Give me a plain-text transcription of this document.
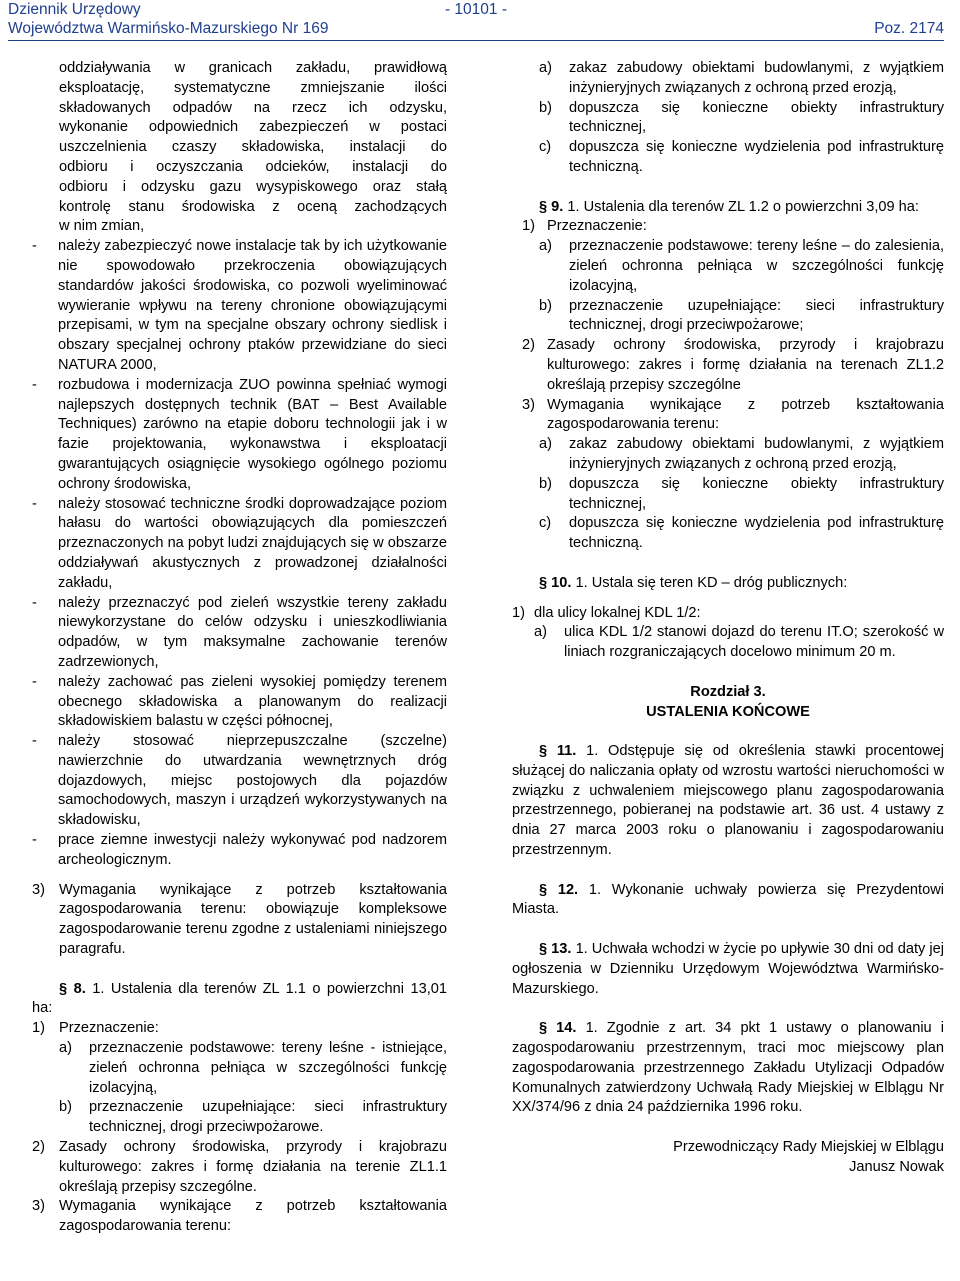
Dziennik Urzędowy	- 10101 -
Województwa Warmińsko-Mazurskiego Nr 169	Poz. 2174
oddziaływania w granicach zakładu, prawidłową
eksploatację, systematyczne zmniejszanie ilości
składowanych odpadów na rzecz ich odzysku,
wykonanie odpowiednich zabezpieczeń w postaci
uszczelnienia czaszy składowiska, instalacji do
odbioru i oczyszczania odcieków, instalacji do
odbioru i odzysku gazu wysypiskowego oraz stałą
kontrolę stanu środowiska z oceną zachodzących
w nim zmian,
-	należy zabezpieczyć nowe instalacje tak by ich użytkowanie nie spowodowało przekroczenia obowiązujących standardów jakości środowiska, co pozwoli wyeliminować wywieranie wpływu na tereny chronione obowiązującymi przepisami, w tym na specjalne obszary ochrony siedlisk i obszary specjalnej ochrony ptaków przewidziane do sieci NATURA 2000,
-	rozbudowa i modernizacja ZUO powinna spełniać wymogi najlepszych dostępnych technik (BAT – Best Available Techniques) zarówno na etapie doboru technologii jak i w fazie projektowania, wykonawstwa i eksploatacji gwarantujących osiągnięcie wysokiego ogólnego poziomu ochrony środowiska,
-	należy stosować techniczne środki doprowadzające poziom hałasu do wartości obowiązujących dla pomieszczeń przeznaczonych na pobyt ludzi znajdujących się w obszarze oddziaływań akustycznych z prowadzonej działalności zakładu,
-	należy przeznaczyć pod zieleń wszystkie tereny zakładu niewykorzystane do celów odzysku i unieszkodliwiania odpadów, w tym maksymalne zachowanie terenów zadrzewionych,
-	należy zachować pas zieleni wysokiej pomiędzy terenem obecnego składowiska a planowanym do realizacji składowiskiem balastu w części północnej,
-	należy stosować nieprzepuszczalne (szczelne) nawierzchnie do utwardzania wewnętrznych dróg dojazdowych, miejsc postojowych dla pojazdów samochodowych, maszyn i urządzeń wykorzystywanych na składowisku,
-	prace ziemne inwestycji należy wykonywać pod nadzorem archeologicznym.
3) Wymagania wynikające z potrzeb kształtowania zagospodarowania terenu: obowiązuje kompleksowe zagospodarowanie terenu zgodne z ustaleniami niniejszego paragrafu.
§ 8. 1. Ustalenia dla terenów ZL 1.1 o powierzchni 13,01 ha:
1) Przeznaczenie:
a)	przeznaczenie podstawowe: tereny leśne - istniejące, zieleń ochronna pełniąca w szczególności funkcję izolacyjną,
b)	przeznaczenie uzupełniające: sieci infrastruktury technicznej, drogi przeciwpożarowe.
2) Zasady ochrony środowiska, przyrody i krajobrazu kulturowego: zakres i formę działania na terenie ZL1.1 określają przepisy szczególne.
3) Wymagania wynikające z potrzeb kształtowania zagospodarowania terenu:
a)	zakaz zabudowy obiektami budowlanymi, z wyjątkiem inżynieryjnych związanych z ochroną przed erozją,
b)	dopuszcza się konieczne obiekty infrastruktury technicznej,
c)	dopuszcza się konieczne wydzielenia pod infrastrukturę techniczną.
§ 9. 1. Ustalenia dla terenów ZL 1.2 o powierzchni 3,09 ha:
1) Przeznaczenie:
a)	przeznaczenie podstawowe: tereny leśne – do zalesienia, zieleń ochronna pełniąca w szczególności funkcję izolacyjną,
b)	przeznaczenie uzupełniające: sieci infrastruktury technicznej, drogi przeciwpożarowe;
2) Zasady ochrony środowiska, przyrody i krajobrazu kulturowego: zakres i formę działania na terenach ZL1.2 określają przepisy szczególne
3) Wymagania wynikające z potrzeb kształtowania zagospodarowania terenu:
a)	zakaz zabudowy obiektami budowlanymi, z wyjątkiem inżynieryjnych związanych z ochroną przed erozją,
b)	dopuszcza się konieczne obiekty infrastruktury technicznej,
c)	dopuszcza się konieczne wydzielenia pod infrastrukturę techniczną.
§ 10. 1. Ustala się teren KD – dróg publicznych:
1) dla ulicy lokalnej KDL 1/2:
a)	ulica KDL 1/2 stanowi dojazd do terenu IT.O; szerokość w liniach rozgraniczających docelowo minimum 20 m.
Rozdział 3.
USTALENIA KOŃCOWE
§ 11. 1. Odstępuje się od określenia stawki procentowej służącej do naliczania opłaty od wzrostu wartości nieruchomości w związku z uchwaleniem miejscowego planu zagospodarowania przestrzennego, pobieranej na podstawie art. 36 ust. 4 ustawy z dnia 27 marca 2003 roku o planowaniu i zagospodarowaniu przestrzennym.
§ 12. 1. Wykonanie uchwały powierza się Prezydentowi Miasta.
§ 13. 1. Uchwała wchodzi w życie po upływie 30 dni od daty jej ogłoszenia w Dzienniku Urzędowym Województwa Warmińsko-Mazurskiego.
§ 14. 1. Zgodnie z art. 34 pkt 1 ustawy o planowaniu i zagospodarowaniu przestrzennym, traci moc miejscowy plan zagospodarowania przestrzennego Zakładu Utylizacji Odpadów Komunalnych zatwierdzony Uchwałą Rady Miejskiej w Elblągu Nr XX/374/96 z dnia 24 października 1996 roku.
Przewodniczący Rady Miejskiej w Elblągu
Janusz Nowak
